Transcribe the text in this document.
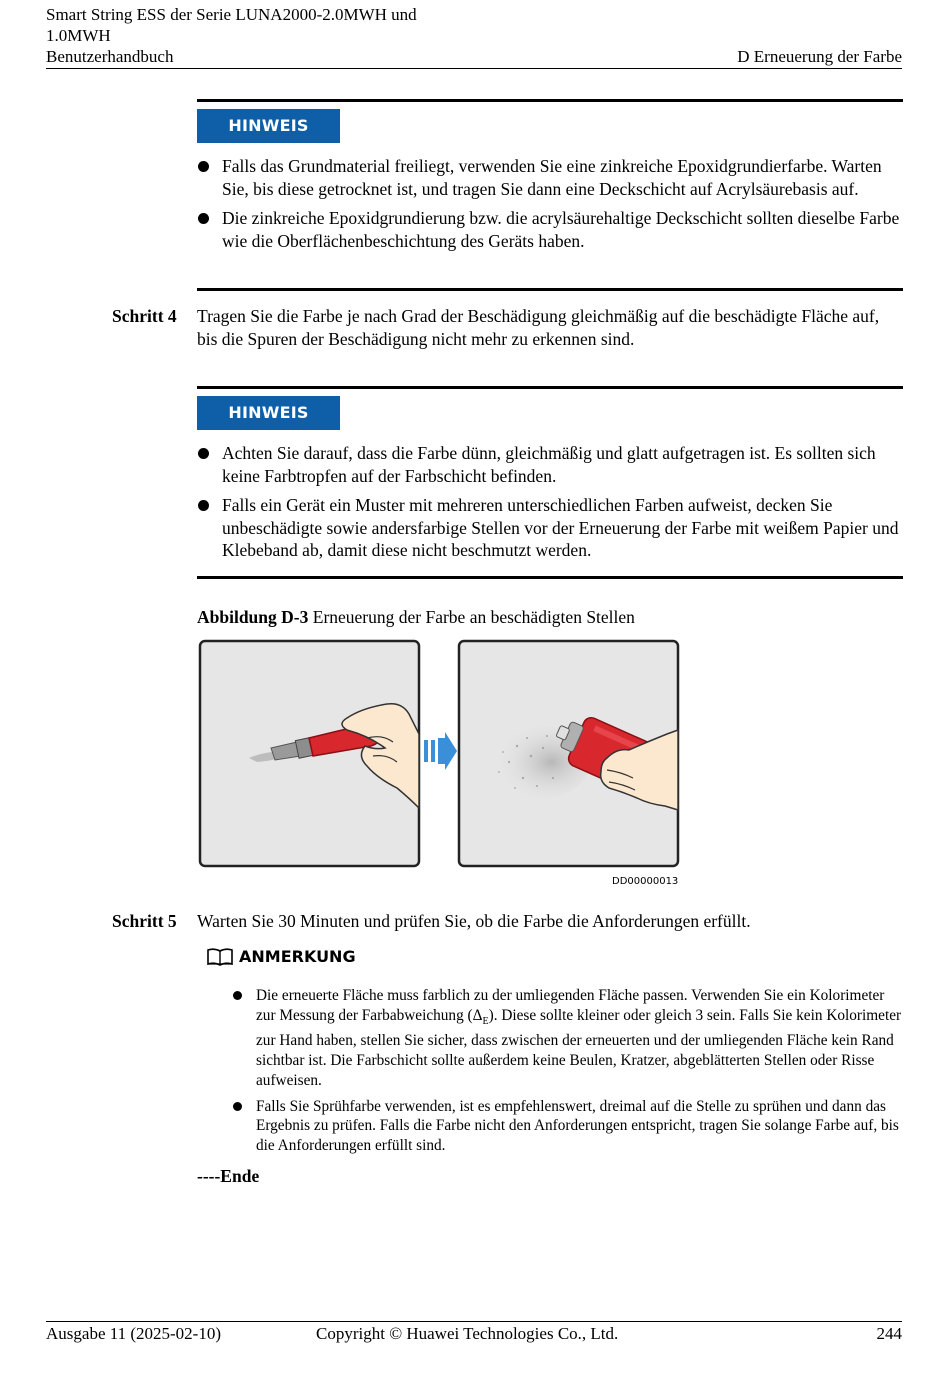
Smart String ESS der Serie LUNA2000-2.0MWH und 1.0MWH
Benutzerhandbuch	D Erneuerung der Farbe
HINWEIS
Falls das Grundmaterial freiliegt, verwenden Sie eine zinkreiche Epoxidgrundierfarbe. Warten Sie, bis diese getrocknet ist, und tragen Sie dann eine Deckschicht auf Acrylsäurebasis auf.
Die zinkreiche Epoxidgrundierung bzw. die acrylsäurehaltige Deckschicht sollten dieselbe Farbe wie die Oberflächenbeschichtung des Geräts haben.
Schritt 4 Tragen Sie die Farbe je nach Grad der Beschädigung gleichmäßig auf die beschädigte Fläche auf, bis die Spuren der Beschädigung nicht mehr zu erkennen sind.
HINWEIS
Achten Sie darauf, dass die Farbe dünn, gleichmäßig und glatt aufgetragen ist. Es sollten sich keine Farbtropfen auf der Farbschicht befinden.
Falls ein Gerät ein Muster mit mehreren unterschiedlichen Farben aufweist, decken Sie unbeschädigte sowie andersfarbige Stellen vor der Erneuerung der Farbe mit weißem Papier und Klebeband ab, damit diese nicht beschmutzt werden.
Abbildung D-3 Erneuerung der Farbe an beschädigten Stellen
DD00000013
Schritt 5 Warten Sie 30 Minuten und prüfen Sie, ob die Farbe die Anforderungen erfüllt.
ANMERKUNG
Die erneuerte Fläche muss farblich zu der umliegenden Fläche passen. Verwenden Sie ein Kolorimeter zur Messung der Farbabweichung $(\Delta_E)$. Diese sollte kleiner oder gleich 3 sein. Falls Sie kein Kolorimeter zur Hand haben, stellen Sie sicher, dass zwischen der erneuerten und der umliegenden Fläche kein Rand sichtbar ist. Die Farbschicht sollte außerdem keine Beulen, Kratzer, abgeblätterten Stellen oder Risse aufweisen.
Falls Sie Sprühfarbe verwenden, ist es empfehlenswert, dreimal auf die Stelle zu sprühen und dann das Ergebnis zu prüfen. Falls die Farbe nicht den Anforderungen entspricht, tragen Sie solange Farbe auf, bis die Anforderungen erfüllt sind.
----Ende
Ausgabe 11 (2025-02-10)	Copyright © Huawei Technologies Co., Ltd.	244
